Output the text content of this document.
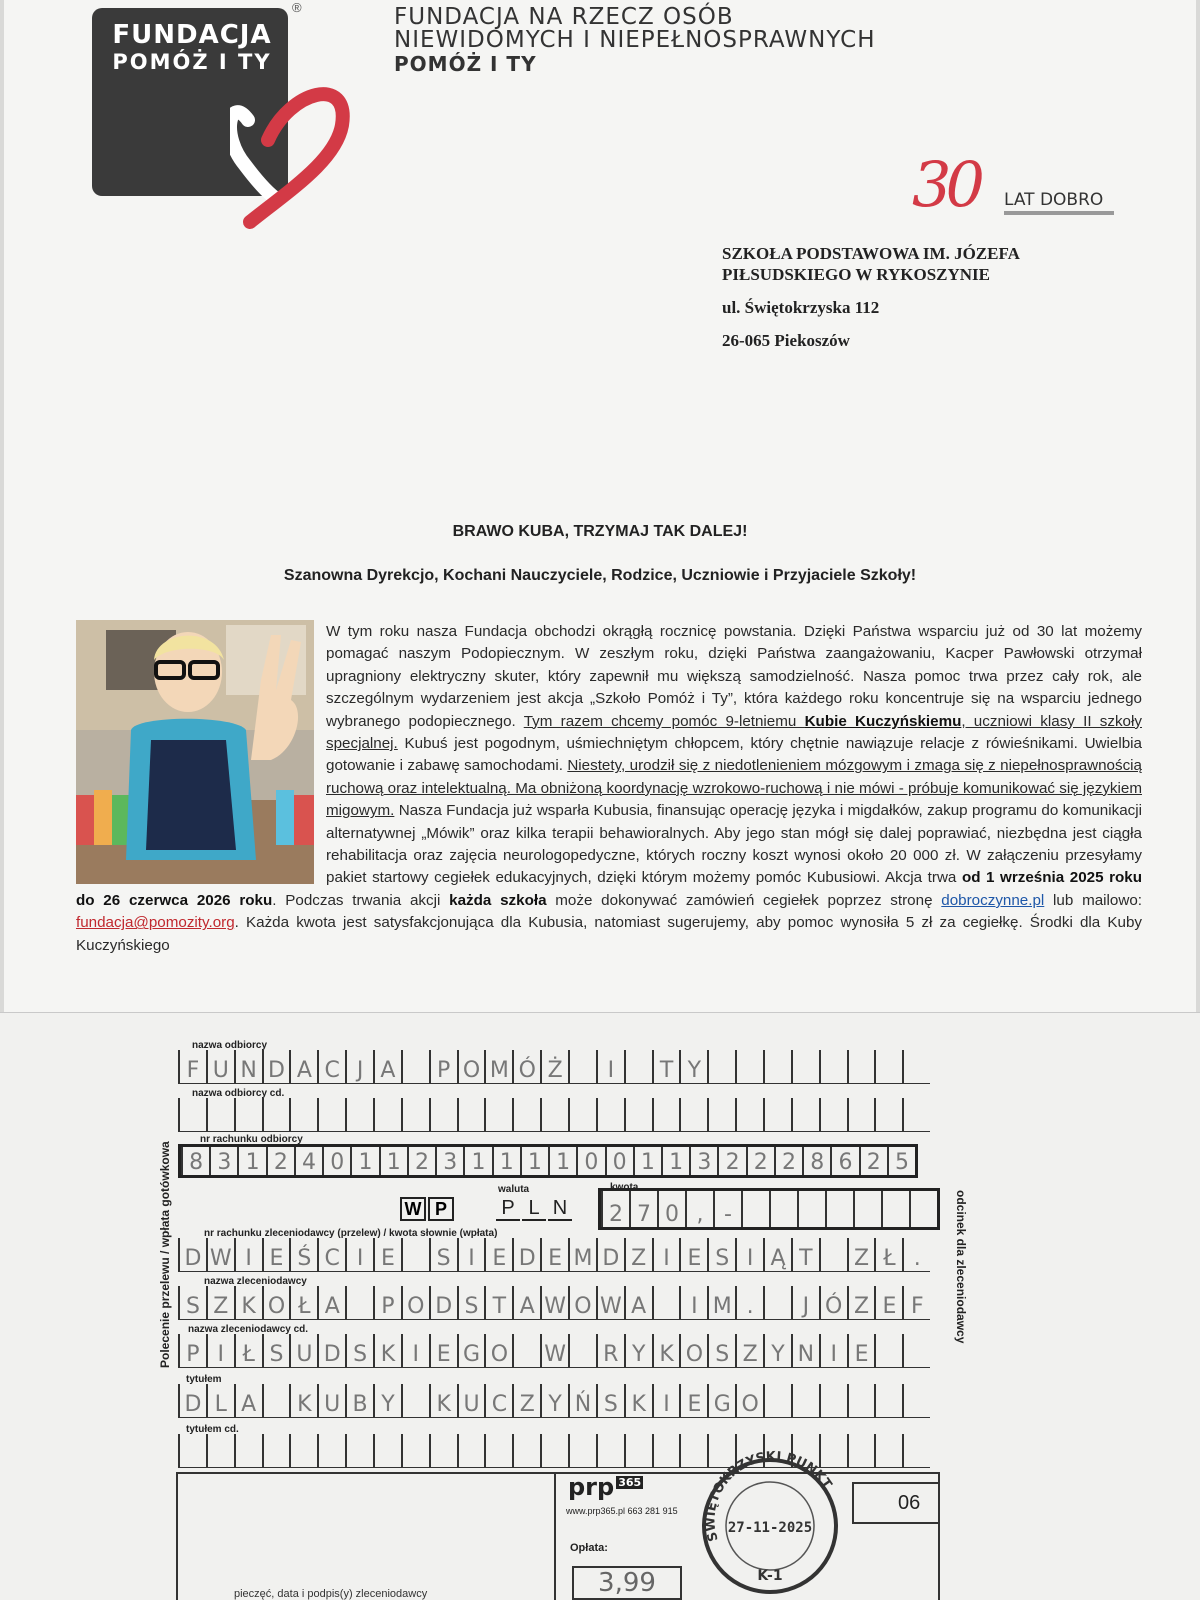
FUNDACJA
POMÓŻ I TY
®	FUNDACJA NA RZECZ OSÓB
NIEWIDOMYCH I NIEPEŁNOSPRAWNYCH
POMÓŻ I TY
30 LAT DOBRO
SZKOŁA PODSTAWOWA IM. JÓZEFA
PIŁSUDSKIEGO W RYKOSZYNIE
ul. Świętokrzyska 112
26-065 Piekoszów
BRAWO KUBA, TRZYMAJ TAK DALEJ!
Szanowna Dyrekcjo, Kochani Nauczyciele, Rodzice, Uczniowie i Przyjaciele Szkoły!
W tym roku nasza Fundacja obchodzi okrągłą rocznicę powstania. Dzięki Państwa wsparciu już od 30 lat możemy pomagać naszym Podopiecznym. W zeszłym roku, dzięki Państwa zaangażowaniu, Kacper Pawłowski otrzymał upragniony elektryczny skuter, który zapewnił mu większą samodzielność. Nasza pomoc trwa przez cały rok, ale szczególnym wydarzeniem jest akcja „Szkoło Pomóż i Ty”, która każdego roku koncentruje się na wsparciu jednego wybranego podopiecznego. Tym razem chcemy pomóc 9-letniemu Kubie Kuczyńskiemu, uczniowi klasy II szkoły specjalnej. Kubuś jest pogodnym, uśmiechniętym chłopcem, który chętnie nawiązuje relacje z rówieśnikami. Uwielbia gotowanie i zabawę samochodami. Niestety, urodził się z niedotlenieniem mózgowym i zmaga się z niepełnosprawnością ruchową oraz intelektualną. Ma obniżoną koordynację wzrokowo-ruchową i nie mówi - próbuje komunikować się językiem migowym. Nasza Fundacja już wsparła Kubusia, finansując operację języka i migdałków, zakup programu do komunikacji alternatywnej „Mówik” oraz kilka terapii behawioralnych. Aby jego stan mógł się dalej poprawiać, niezbędna jest ciągła rehabilitacja oraz zajęcia neurologopedyczne, których roczny koszt wynosi około 20 000 zł. W załączeniu przesyłamy pakiet startowy cegiełek edukacyjnych, dzięki którym możemy pomóc Kubusiowi. Akcja trwa od 1 września 2025 roku do 26 czerwca 2026 roku. Podczas trwania akcji każda szkoła może dokonywać zamówień cegiełek poprzez stronę dobroczynne.pl lub mailowo: fundacja@pomozity.org. Każda kwota jest satysfakcjonująca dla Kubusia, natomiast sugerujemy, aby pomoc wynosiła 5 zł za cegiełkę. Środki dla Kuby Kuczyńskiego
Polecenie przelewu / wpłata gotówkowa	odcinek dla zleceniodawcy
nazwa odbiorcy
F U N D A C J A	P O M Ó Ż	I	T Y
nazwa odbiorcy cd.
nr rachunku odbiorcy
8 3 1 2 4 0 1 1 2 3 1 1 1 1 0 0 1 1 3 2 2 2 8 6 2 5
W P
waluta
P L N
kwota
2 7 0 , -
nr rachunku zleceniodawcy (przelew) / kwota słownie (wpłata)
D W I E Ś C I E	S I E D E M D Z I E S I Ą T	Z Ł .
nazwa zleceniodawcy
S Z K O Ł A	P O D S T A W O W A	I M .	J Ó Z E F
nazwa zleceniodawcy cd.
P I Ł S U D S K I E G O W	R Y K O S Z Y N I E
tytułem
D L A	K U B Y	K U C Z Y Ń S K I E G O
tytułem cd.
prp $^{365}$
www.prp365.pl 663 281 915	06
Opłata:
3,99
ŚWIĘTOKRZYSKI PUNKT
27-11-2025
K-1
pieczęć, data i podpis(y) zleceniodawcy
